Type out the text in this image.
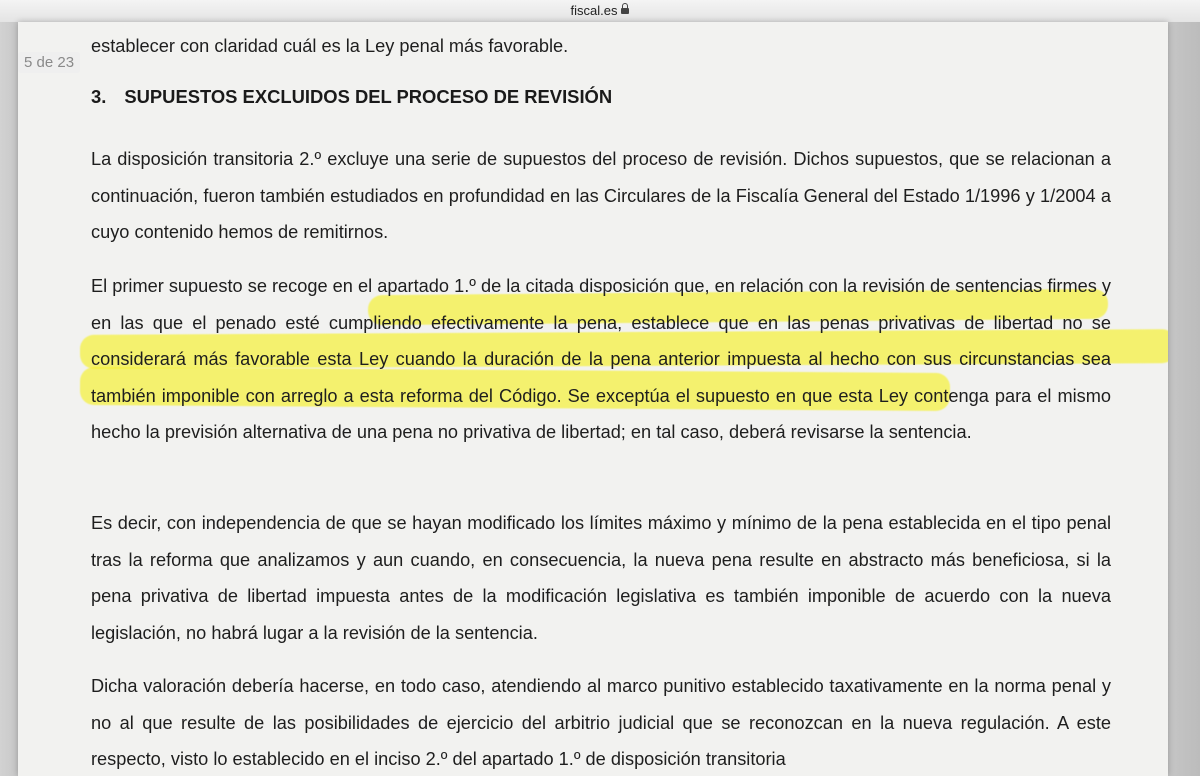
fiscal.es
5 de 23
establecer con claridad cuál es la Ley penal más favorable.
3. SUPUESTOS EXCLUIDOS DEL PROCESO DE REVISIÓN
La disposición transitoria 2.º excluye una serie de supuestos del proceso de revisión. Dichos supuestos, que se relacionan a continuación, fueron también estudiados en profundidad en las Circulares de la Fiscalía General del Estado 1/1996 y 1/2004 a cuyo contenido hemos de remitirnos.
El primer supuesto se recoge en el apartado 1.º de la citada disposición que, en relación con la revisión de sentencias firmes y en las que el penado esté cumpliendo efectivamente la pena, establece que en las penas privativas de libertad no se considerará más favorable esta Ley cuando la duración de la pena anterior impuesta al hecho con sus circunstancias sea también imponible con arreglo a esta reforma del Código. Se exceptúa el supuesto en que esta Ley contenga para el mismo hecho la previsión alternativa de una pena no privativa de libertad; en tal caso, deberá revisarse la sentencia.
Es decir, con independencia de que se hayan modificado los límites máximo y mínimo de la pena establecida en el tipo penal tras la reforma que analizamos y aun cuando, en consecuencia, la nueva pena resulte en abstracto más beneficiosa, si la pena privativa de libertad impuesta antes de la modificación legislativa es también imponible de acuerdo con la nueva legislación, no habrá lugar a la revisión de la sentencia.
Dicha valoración debería hacerse, en todo caso, atendiendo al marco punitivo establecido taxativamente en la norma penal y no al que resulte de las posibilidades de ejercicio del arbitrio judicial que se reconozcan en la nueva regulación. A este respecto, visto lo establecido en el inciso 2.º del apartado 1.º de disposición transitoria
